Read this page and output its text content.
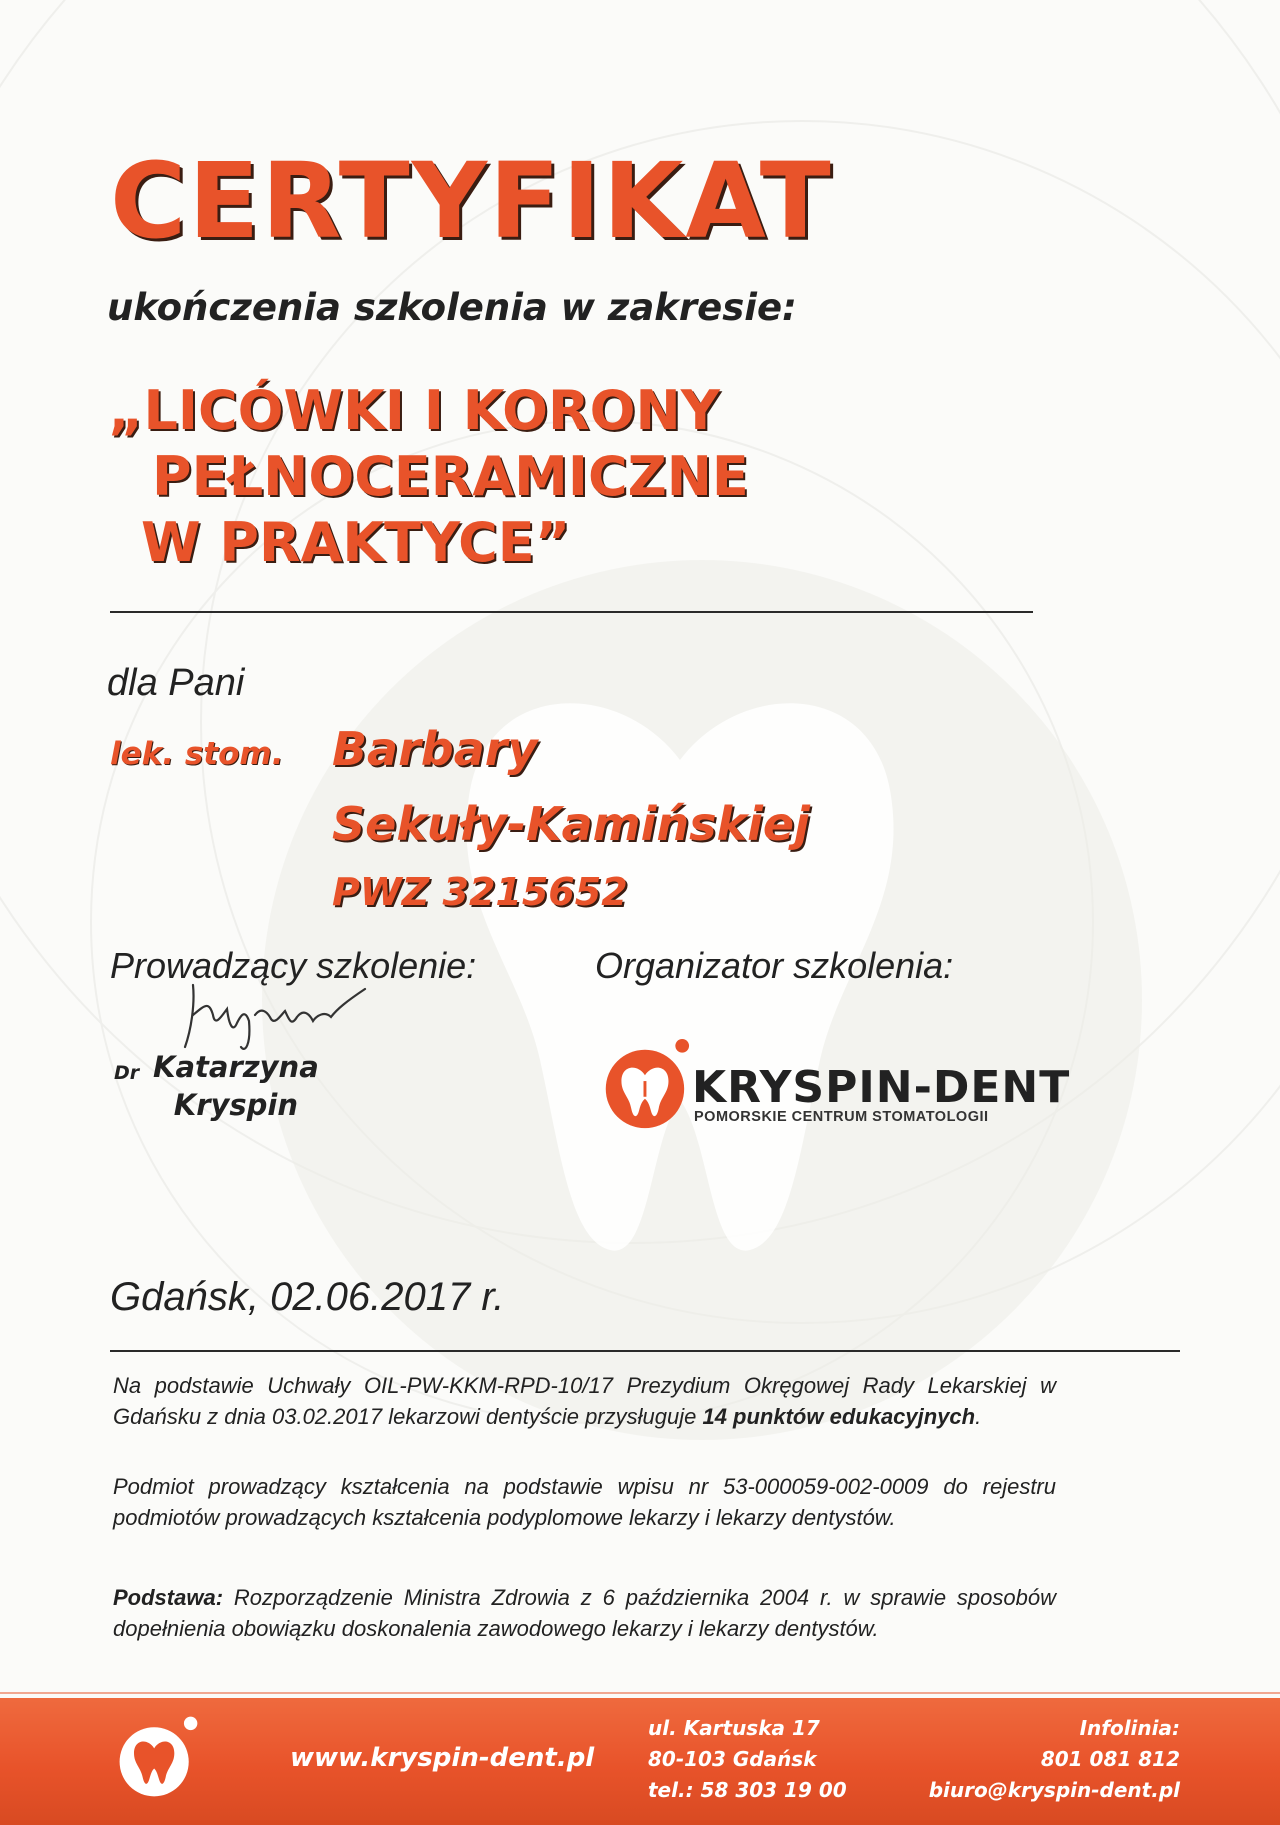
CERTYFIKAT
ukończenia szkolenia w zakresie:
„LICÓWKI I KORONY
PEŁNOCERAMICZNE
W PRAKTYCE”
dla Pani
lek. stom. Barbary
Sekuły-Kamińskiej
PWZ 3215652
Prowadzący szkolenie:	Organizator szkolenia:
Dr Katarzyna
Kryspin	KRYSPIN-DENT
POMORSKIE CENTRUM STOMATOLOGII
Gdańsk, 02.06.2017 r.
Na podstawie Uchwały OIL-PW-KKM-RPD-10/17 Prezydium Okręgowej Rady Lekarskiej w Gdańsku z dnia 03.02.2017 lekarzowi dentyście przysługuje 14 punktów edukacyjnych.
Podmiot prowadzący kształcenia na podstawie wpisu nr 53-000059-002-0009 do rejestru podmiotów prowadzących kształcenia podyplomowe lekarzy i lekarzy dentystów.
Podstawa: Rozporządzenie Ministra Zdrowia z 6 października 2004 r. w sprawie sposobów dopełnienia obowiązku doskonalenia zawodowego lekarzy i lekarzy dentystów.
www.kryspin-dent.pl
ul. Kartuska 17
80-103 Gdańsk
tel.: 58 303 19 00
Infolinia:
801 081 812
biuro@kryspin-dent.pl
